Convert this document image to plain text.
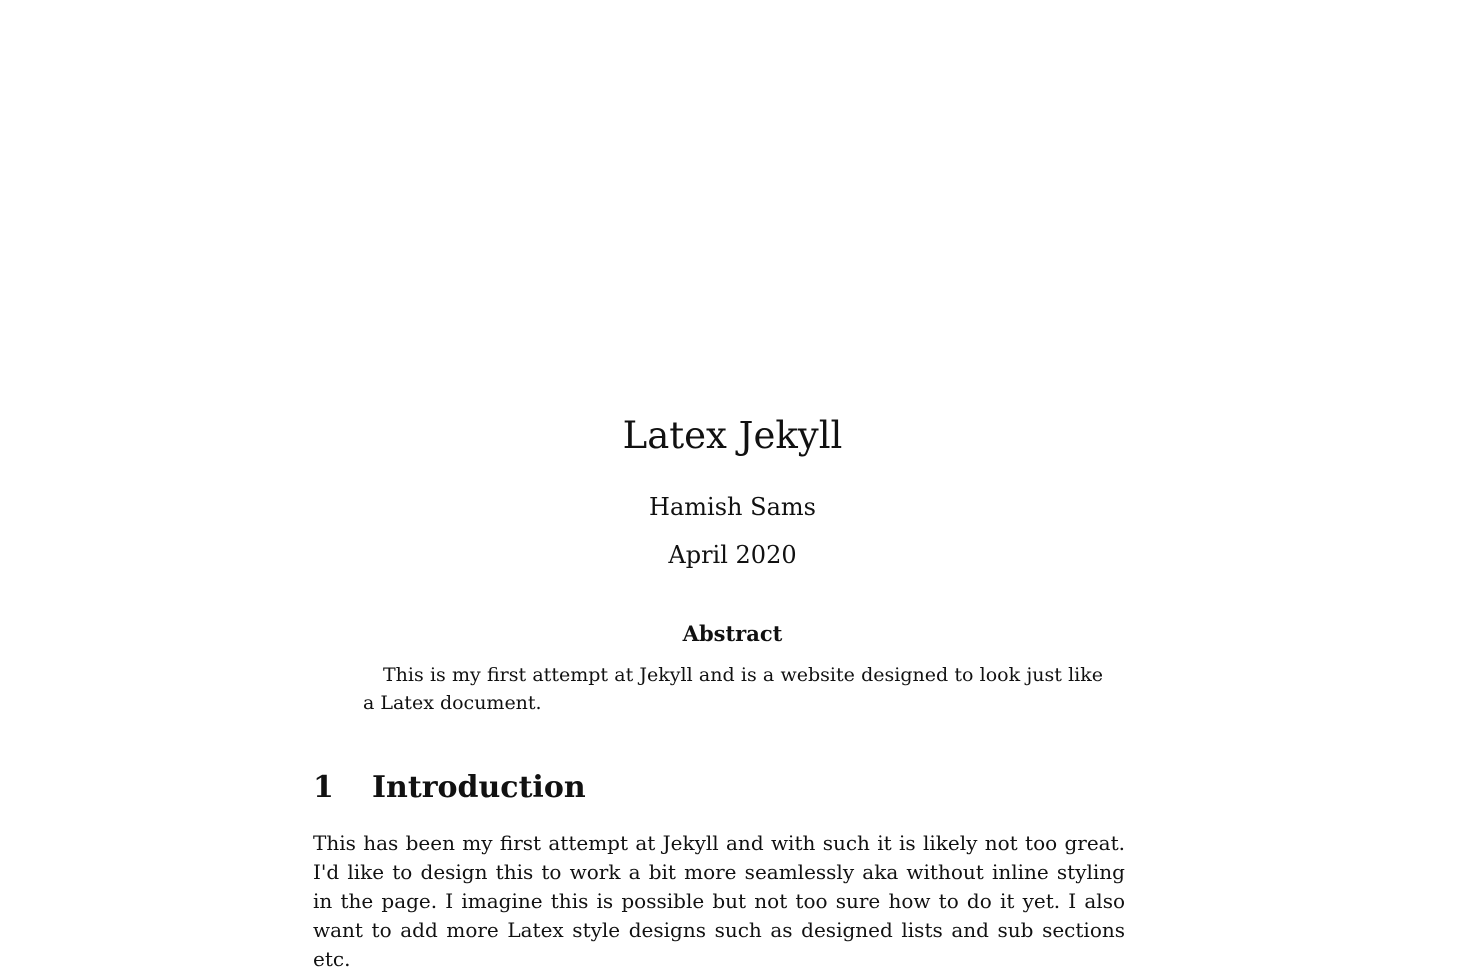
Latex Jekyll
Hamish Sams
April 2020
Abstract

This is my first attempt at Jekyll and is a website designed to look just like a Latex document.

1 Introduction

This has been my first attempt at Jekyll and with such it is likely not too great. I'd like to design this to work a bit more seamlessly aka without inline styling in the page. I imagine this is possible but not too sure how to do it yet. I also want to add more Latex style designs such as designed lists and sub sections etc.
